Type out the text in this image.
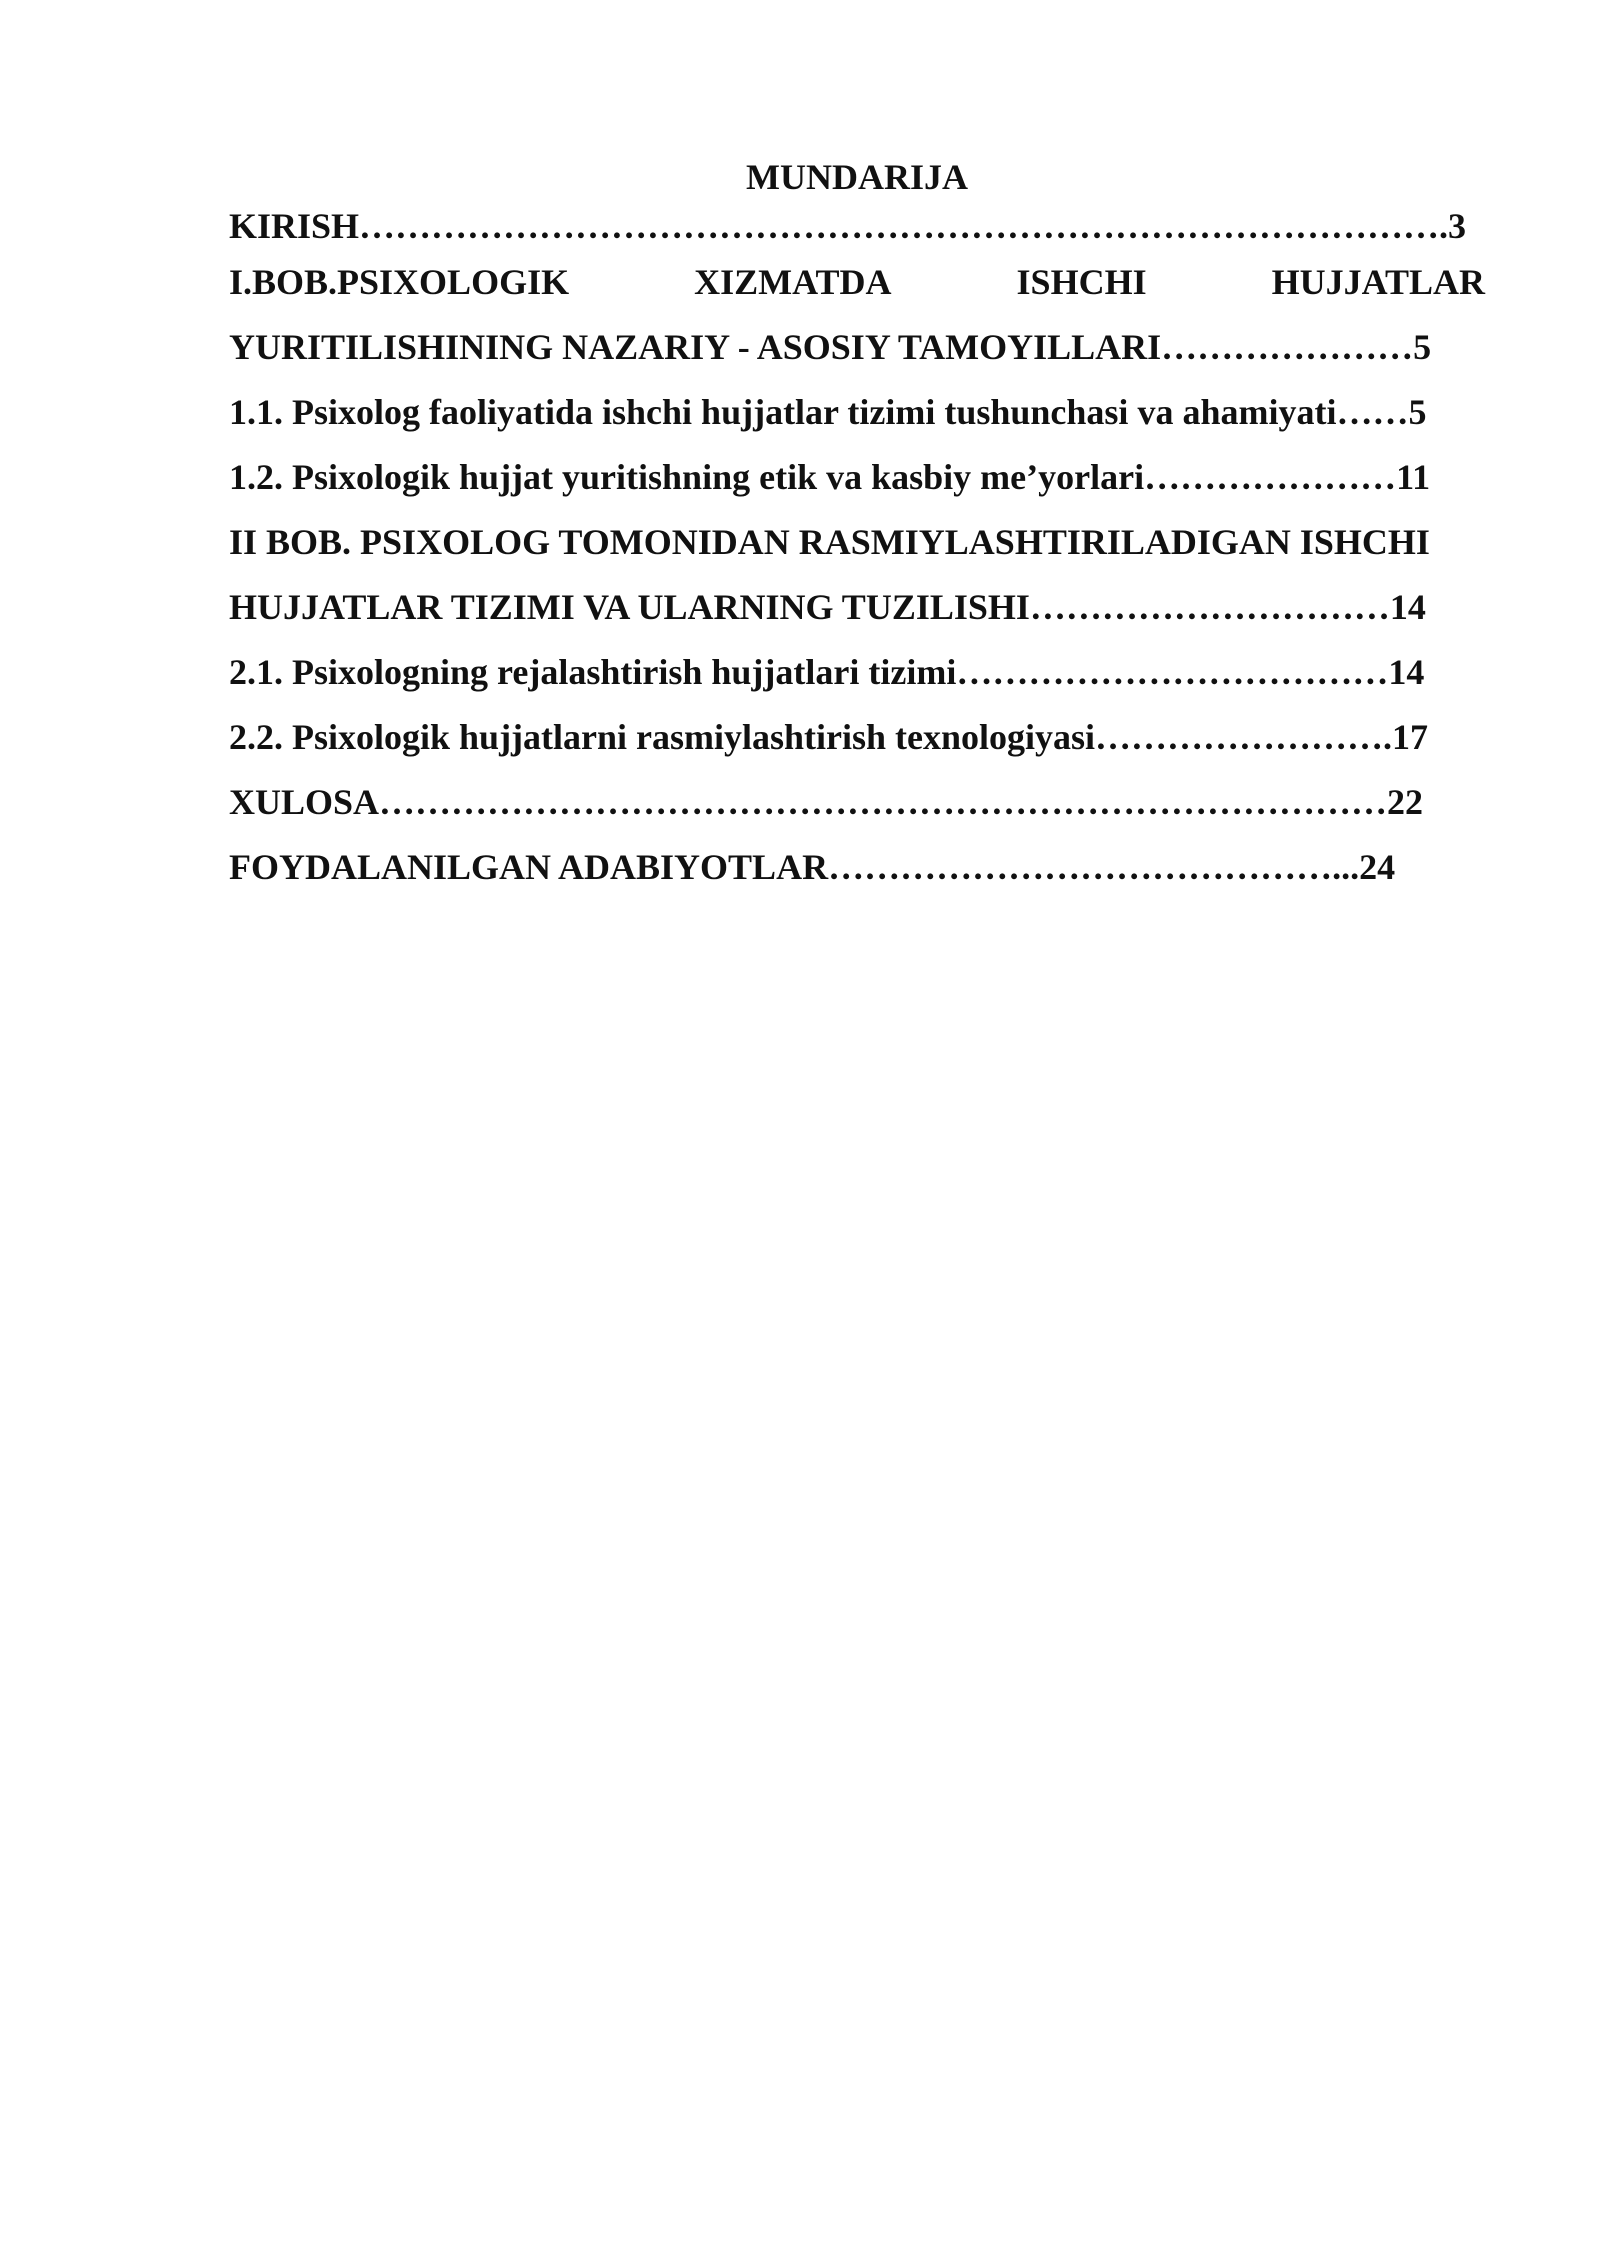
MUNDARIJA
KIRISH……………………………………………………………………………….3
I.BOB.PSIXOLOGIK	XIZMATDA	ISHCHI	HUJJATLAR
YURITILISHINING NAZARIY - ASOSIY TAMOYILLARI…………………5
1.1. Psixolog faoliyatida ishchi hujjatlar tizimi tushunchasi va ahamiyati……5
1.2. Psixologik hujjat yuritishning etik va kasbiy me’yorlari…………………11
II BOB. PSIXOLOG TOMONIDAN RASMIYLASHTIRILADIGAN ISHCHI
HUJJATLAR TIZIMI VA ULARNING TUZILISHI…………………………14
2.1. Psixologning rejalashtirish hujjatlari tizimi………………………………14
2.2. Psixologik hujjatlarni rasmiylashtirish texnologiyasi…………………….17
XULOSA…………………………………………………………………………22
FOYDALANILGAN ADABIYOTLAR……………………………………...24
